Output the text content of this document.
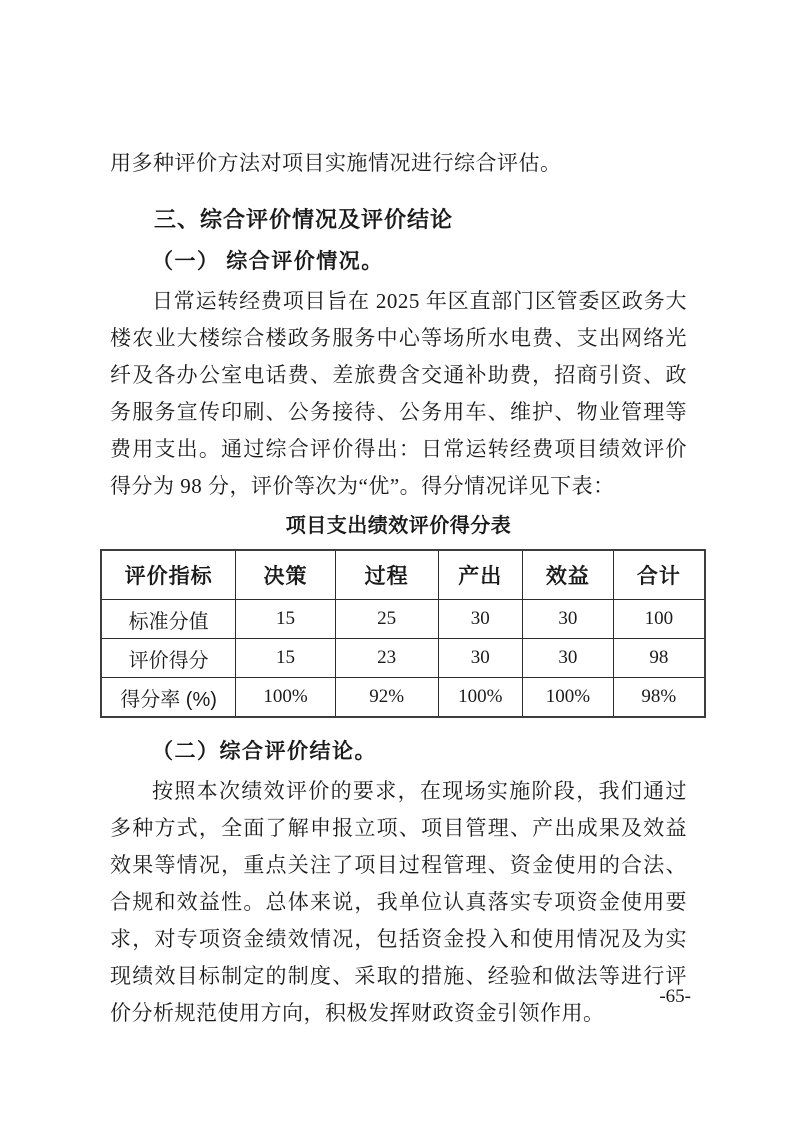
用多种评价方法对项目实施情况进行综合评估。

三、综合评价情况及评价结论
（一） 综合评价情况。

日常运转经费项目旨在 2025 年区直部门区管委区政务大楼农业大楼综合楼政务服务中心等场所水电费、支出网络光纤及各办公室电话费、差旅费含交通补助费，招商引资、政务服务宣传印刷、公务接待、公务用车、维护、物业管理等费用支出。通过综合评价得出：日常运转经费项目绩效评价得分为 98 分，评价等次为“优”。得分情况详见下表：

项目支出绩效评价得分表
评价指标	决策	过程	产出	效益	合计
标准分值	15	25	30	30	100
评价得分	15	23	30	30	98
得分率 (%)	100%	92%	100%	100%	98%
（二）综合评价结论。

按照本次绩效评价的要求，在现场实施阶段，我们通过多种方式，全面了解申报立项、项目管理、产出成果及效益效果等情况，重点关注了项目过程管理、资金使用的合法、合规和效益性。总体来说，我单位认真落实专项资金使用要求，对专项资金绩效情况，包括资金投入和使用情况及为实现绩效目标制定的制度、采取的措施、经验和做法等进行评价分析规范使用方向，积极发挥财政资金引领作用。

-65-
